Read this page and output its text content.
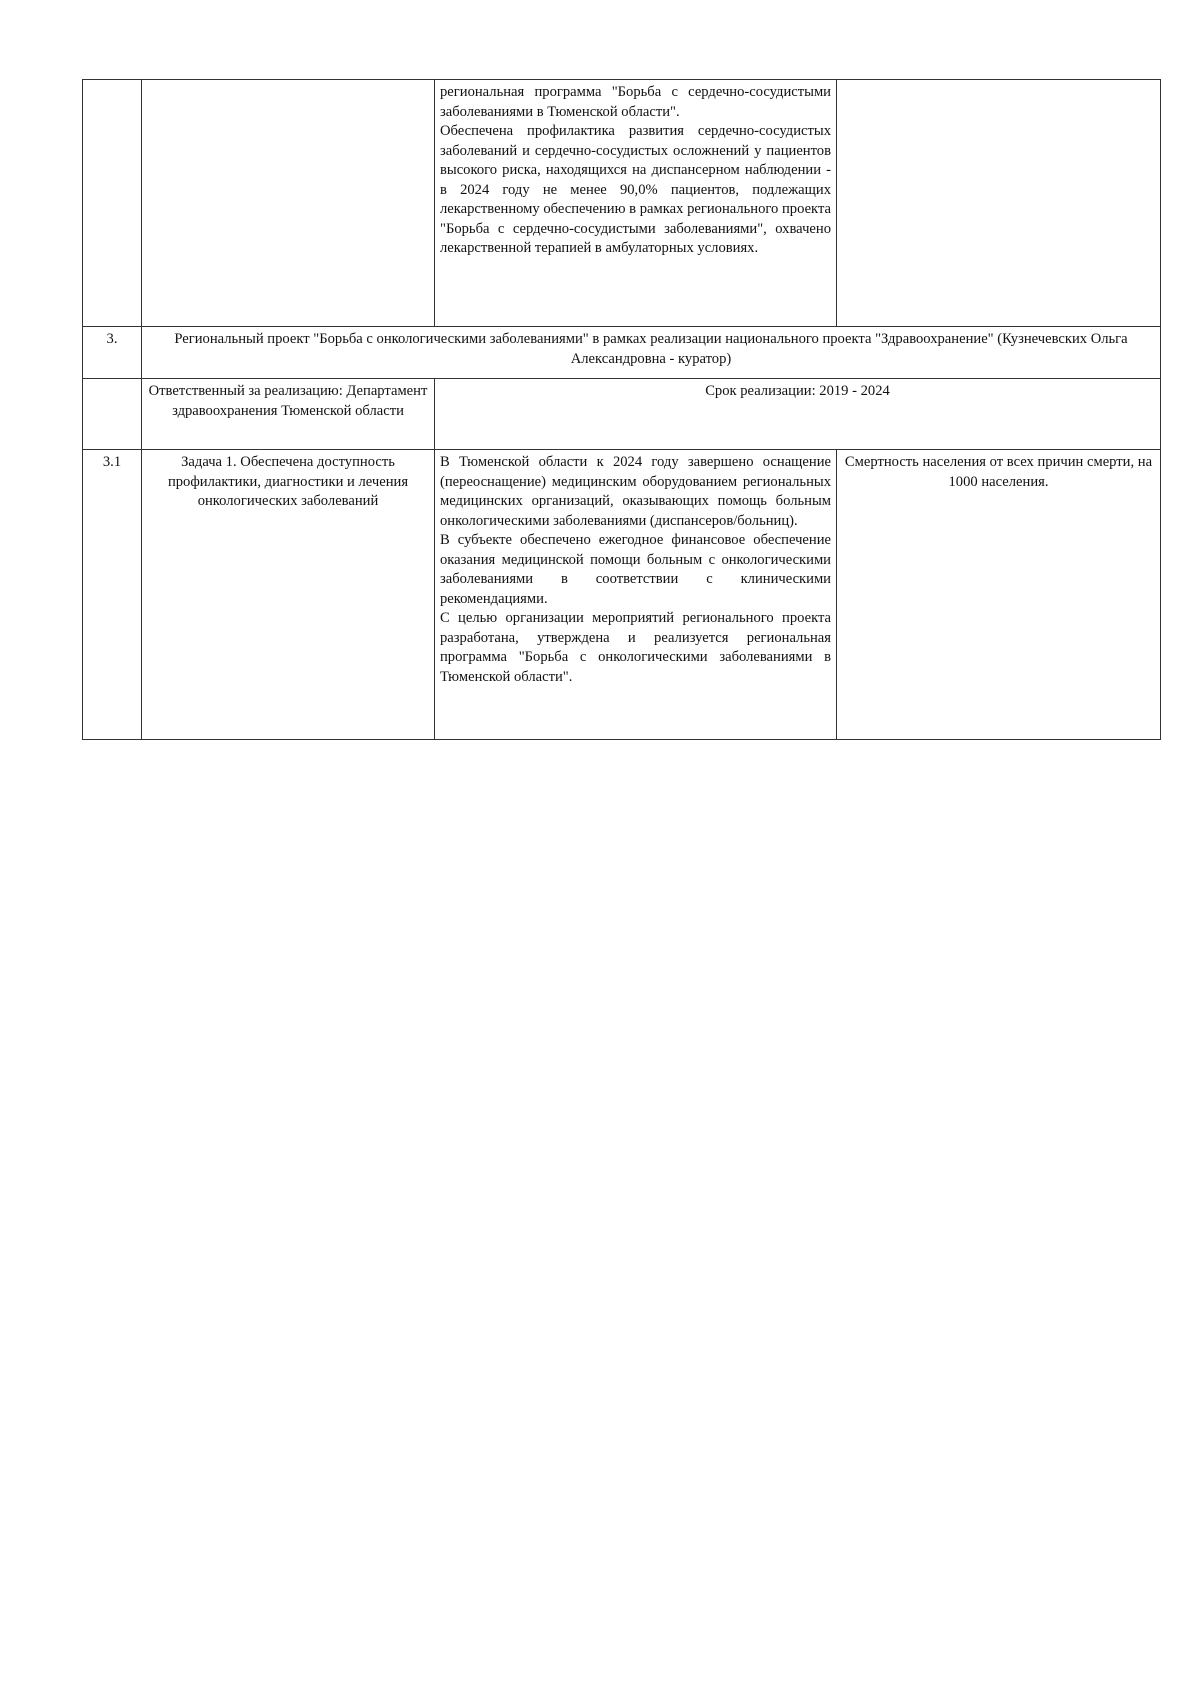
		региональная программа "Борьба с сердечно-сосудистыми заболеваниями в Тюменской области".

Обеспечена профилактика развития сердечно-сосудистых заболеваний и сердечно-сосудистых осложнений у пациентов высокого риска, находящихся на диспансерном наблюдении - в 2024 году не менее 90,0% пациентов, подлежащих лекарственному обеспечению в рамках регионального проекта "Борьба с сердечно-сосудистыми заболеваниями", охвачено лекарственной терапией в амбулаторных условиях.	

3.	Региональный проект "Борьба с онкологическими заболеваниями" в рамках реализации национального проекта "Здравоохранение" (Кузнечевских Ольга Александровна - куратор)		
	Ответственный за реализацию: Департамент здравоохранения Тюменской области	Срок реализации: 2019 - 2024	
3.1	Задача 1. Обеспечена доступность профилактики, диагностики и лечения онкологических заболеваний	В Тюменской области к 2024 году завершено оснащение (переоснащение) медицинским оборудованием региональных медицинских организаций, оказывающих помощь больным онкологическими заболеваниями (диспансеров/больниц).

В субъекте обеспечено ежегодное финансовое обеспечение оказания медицинской помощи больным с онкологическими заболеваниями в соответствии с клиническими рекомендациями.

С целью организации мероприятий регионального проекта разработана, утверждена и реализуется региональная программа "Борьба с онкологическими заболеваниями в Тюменской области".	Смертность населения от всех причин смерти, на 1000 населения.
